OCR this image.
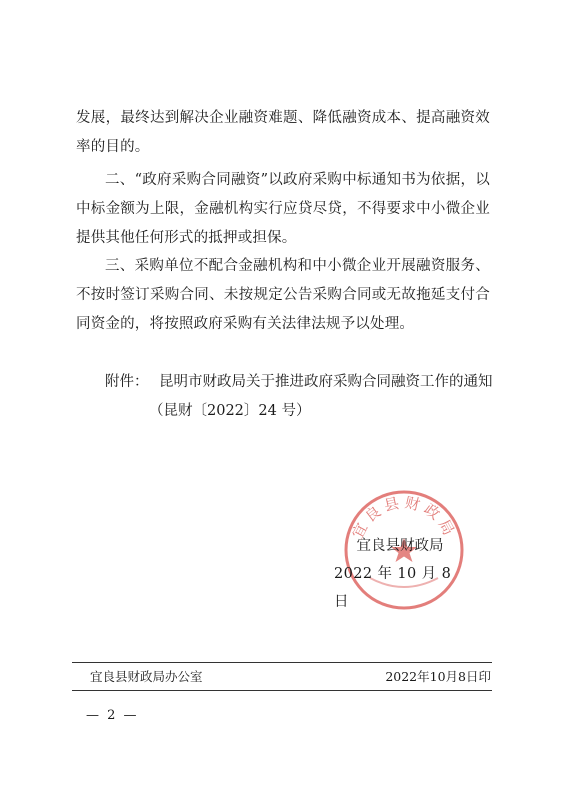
发展，最终达到解决企业融资难题、降低融资成本、提高融资效率的目的。

二、“政府采购合同融资”以政府采购中标通知书为依据，以中标金额为上限，金融机构实行应贷尽贷，不得要求中小微企业提供其他任何形式的抵押或担保。

三、采购单位不配合金融机构和中小微企业开展融资服务、不按时签订采购合同、未按规定公告采购合同或无故拖延支付合同资金的，将按照政府采购有关法律法规予以处理。

附件： 昆明市财政局关于推进政府采购合同融资工作的通知
（昆财〔2022〕24 号）
宜良县财政局
宜良县财政局
2022 年 10 月 8 日
宜良县财政局办公室	2022年10月8日印
— 2 —
